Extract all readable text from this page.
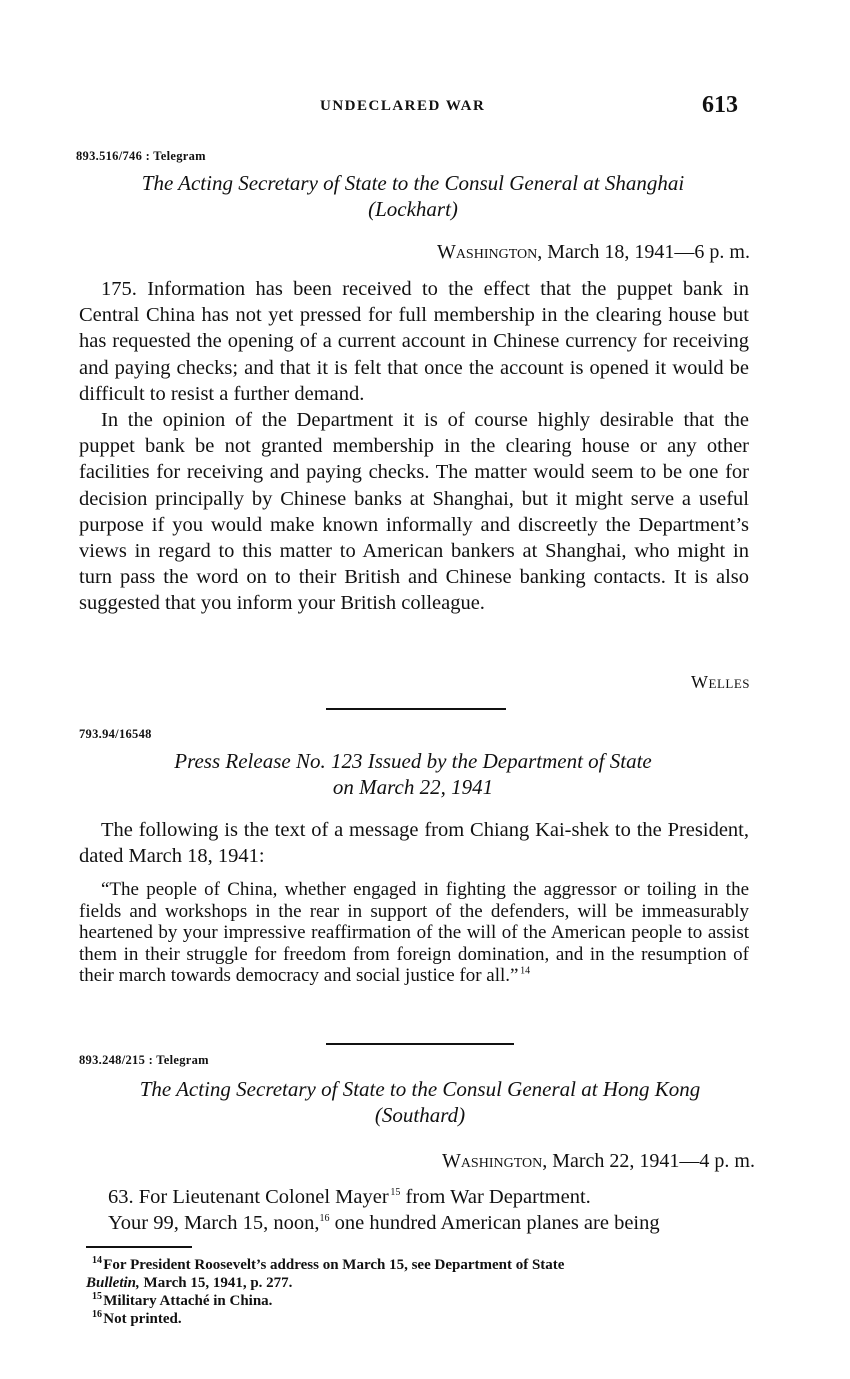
UNDECLARED WAR	613
893.516/746 : Telegram
The Acting Secretary of State to the Consul General at Shanghai
(Lockhart)
Washington, March 18, 1941—6 p. m.

175. Information has been received to the effect that the puppet bank in Central China has not yet pressed for full membership in the clearing house but has requested the opening of a current account in Chinese currency for receiving and paying checks; and that it is felt that once the account is opened it would be difficult to resist a further demand.

In the opinion of the Department it is of course highly desirable that the puppet bank be not granted membership in the clearing house or any other facilities for receiving and paying checks. The matter would seem to be one for decision principally by Chinese banks at Shanghai, but it might serve a useful purpose if you would make known informally and discreetly the Department’s views in regard to this matter to American bankers at Shanghai, who might in turn pass the word on to their British and Chinese banking contacts. It is also suggested that you inform your British colleague.

Welles
793.94/16548
Press Release No. 123 Issued by the Department of State
on March 22, 1941

The following is the text of a message from Chiang Kai-shek to the President, dated March 18, 1941:

“The people of China, whether engaged in fighting the aggressor or toiling in the fields and workshops in the rear in support of the defenders, will be immeasurably heartened by your impressive reaffirmation of the will of the American people to assist them in their struggle for freedom from foreign domination, and in the resumption of their march towards democracy and social justice for all.”  $^{14}$

893.248/215 : Telegram
The Acting Secretary of State to the Consul General at Hong Kong
(Southard)
Washington, March 22, 1941—4 p. m.

63. For Lieutenant Colonel Mayer  $^{15}$ from War Department.

Your 99, March 15, noon,$^{16}$ one hundred American planes are being

$^{14}$ For President Roosevelt’s address on March 15, see Department of State
Bulletin, March 15, 1941, p. 277.

$^{15}$ Military Attaché in China.

$^{16}$ Not printed.
